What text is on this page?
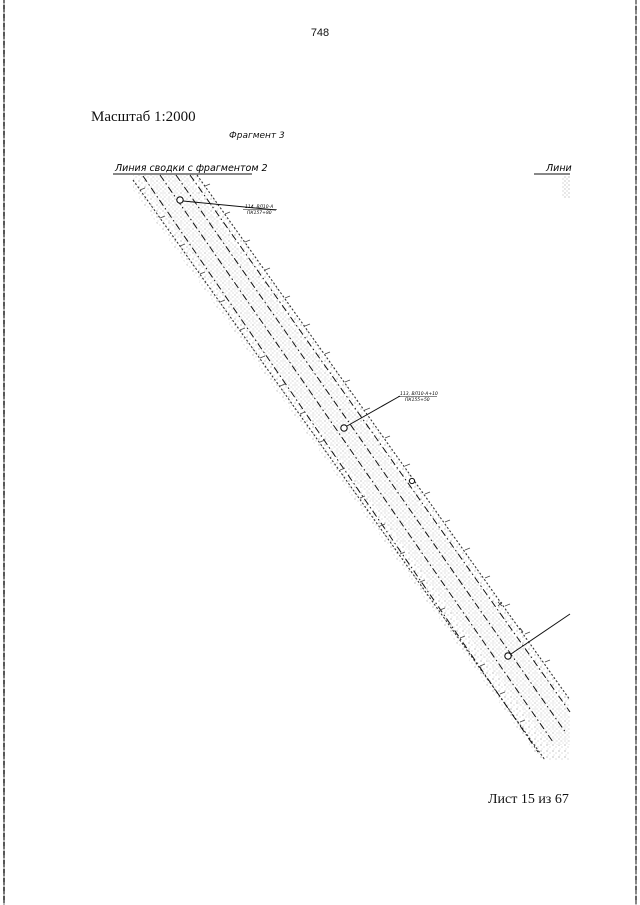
748
Масштаб 1:2000
Фрагмент 3
Лист 15 из 67
Линия сводки с фрагментом 2	Лини
114, ВЛ10-А
ПК157+80
113, ВЛ10-А+10
ПК155+50
